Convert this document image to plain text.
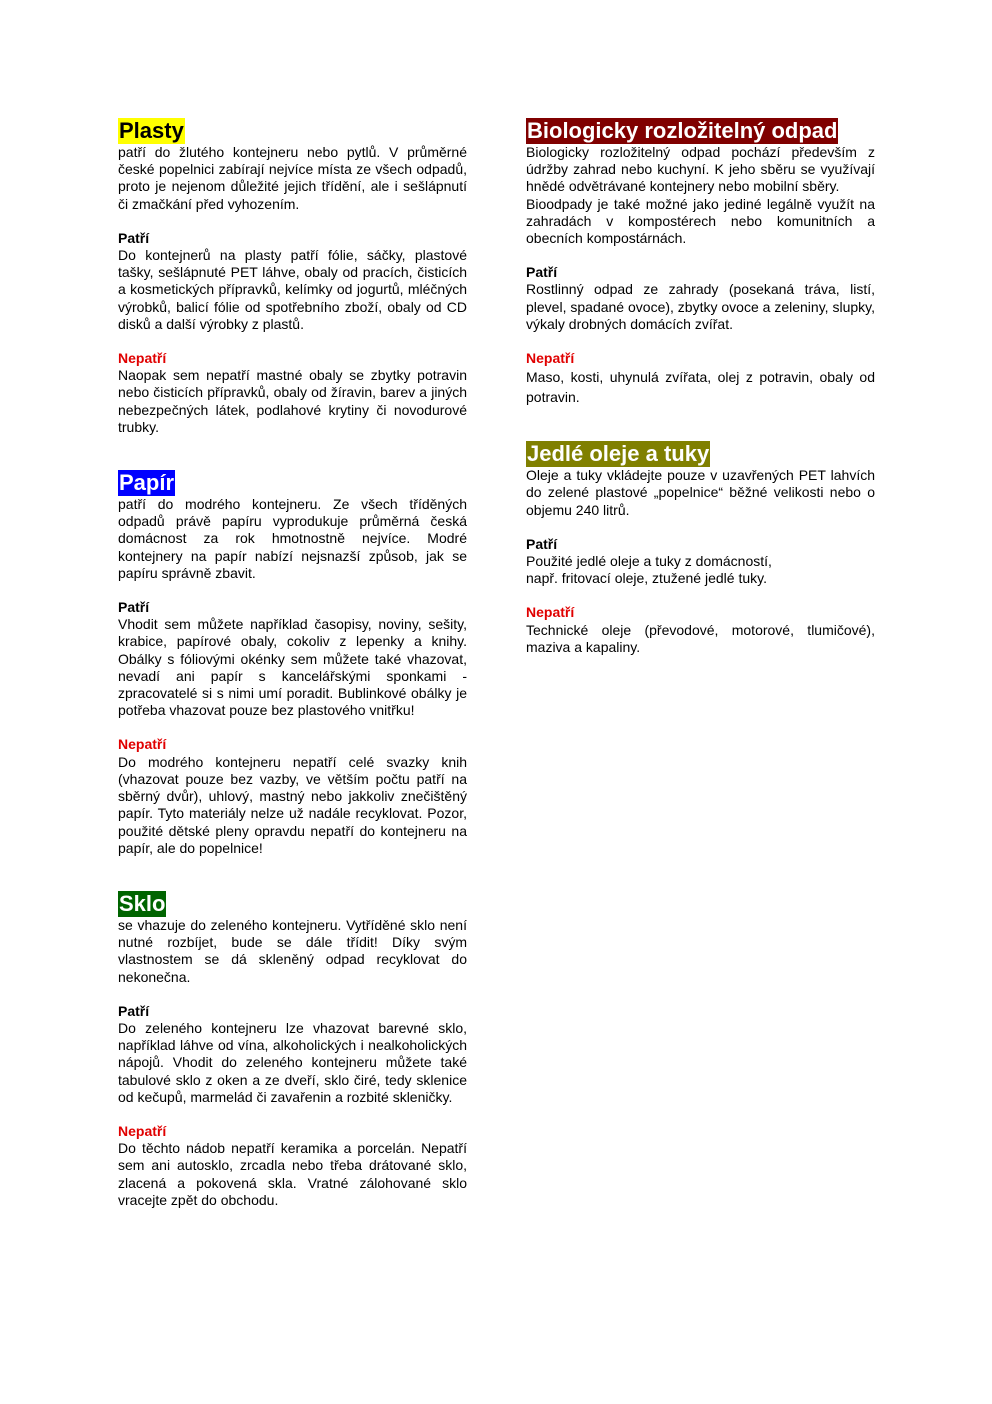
Plasty

patří do žlutého kontejneru nebo pytlů. V průměrné české popelnici zabírají nejvíce místa ze všech odpadů, proto je nejenom důležité jejich třídění, ale i sešlápnutí či zmačkání před vyhozením.

Patří

Do kontejnerů na plasty patří fólie, sáčky, plastové tašky, sešlápnuté PET láhve, obaly od pracích, čisticích a kosmetických přípravků, kelímky od jogurtů, mléčných výrobků, balicí fólie od spotřebního zboží, obaly od CD disků a další výrobky z plastů.

Nepatří

Naopak sem nepatří mastné obaly se zbytky potravin nebo čisticích přípravků, obaly od žíravin, barev a jiných nebezpečných látek, podlahové krytiny či novodurové trubky.

Papír

patří do modrého kontejneru. Ze všech tříděných odpadů právě papíru vyprodukuje průměrná česká domácnost za rok hmotnostně nejvíce. Modré kontejnery na papír nabízí nejsnazší způsob, jak se papíru správně zbavit.

Patří

Vhodit sem můžete například časopisy, noviny, sešity, krabice, papírové obaly, cokoliv z lepenky a knihy. Obálky s fóliovými okénky sem můžete také vhazovat, nevadí ani papír s kancelářskými sponkami - zpracovatelé si s nimi umí poradit. Bublinkové obálky je potřeba vhazovat pouze bez plastového vnitřku!

Nepatří

Do modrého kontejneru nepatří celé svazky knih (vhazovat pouze bez vazby, ve větším počtu patří na sběrný dvůr), uhlový, mastný nebo jakkoliv znečištěný papír. Tyto materiály nelze už nadále recyklovat. Pozor, použité dětské pleny opravdu nepatří do kontejneru na papír, ale do popelnice!

Sklo

se vhazuje do zeleného kontejneru. Vytříděné sklo není nutné rozbíjet, bude se dále třídit! Díky svým vlastnostem se dá skleněný odpad recyklovat do nekonečna.

Patří

Do zeleného kontejneru lze vhazovat barevné sklo, například láhve od vína, alkoholických i nealkoholických nápojů. Vhodit do zeleného kontejneru můžete také tabulové sklo z oken a ze dveří, sklo čiré, tedy sklenice od kečupů, marmelád či zavařenin a rozbité skleničky.

Nepatří

Do těchto nádob nepatří keramika a porcelán. Nepatří sem ani autosklo, zrcadla nebo třeba drátované sklo, zlacená a pokovená skla. Vratné zálohované sklo vracejte zpět do obchodu.

Biologicky rozložitelný odpad

Biologicky rozložitelný odpad pochází především z údržby zahrad nebo kuchyní. K jeho sběru se využívají hnědé odvětrávané kontejnery nebo mobilní sběry.

Bioodpady je také možné jako jediné legálně využít na zahradách v kompostérech nebo komunitních a obecních kompostárnách.

Patří

Rostlinný odpad ze zahrady (posekaná tráva, listí, plevel, spadané ovoce), zbytky ovoce a zeleniny, slupky, výkaly drobných domácích zvířat.

Nepatří

Maso, kosti, uhynulá zvířata, olej z potravin, obaly od potravin.

Jedlé oleje a tuky

Oleje a tuky vkládejte pouze v uzavřených PET lahvích do zelené plastové „popelnice“ běžné velikosti nebo o objemu 240 litrů.

Patří

Použité jedlé oleje a tuky z domácností,

např. fritovací oleje, ztužené jedlé tuky.

Nepatří

Technické oleje (převodové, motorové, tlumičové), maziva a kapaliny.
